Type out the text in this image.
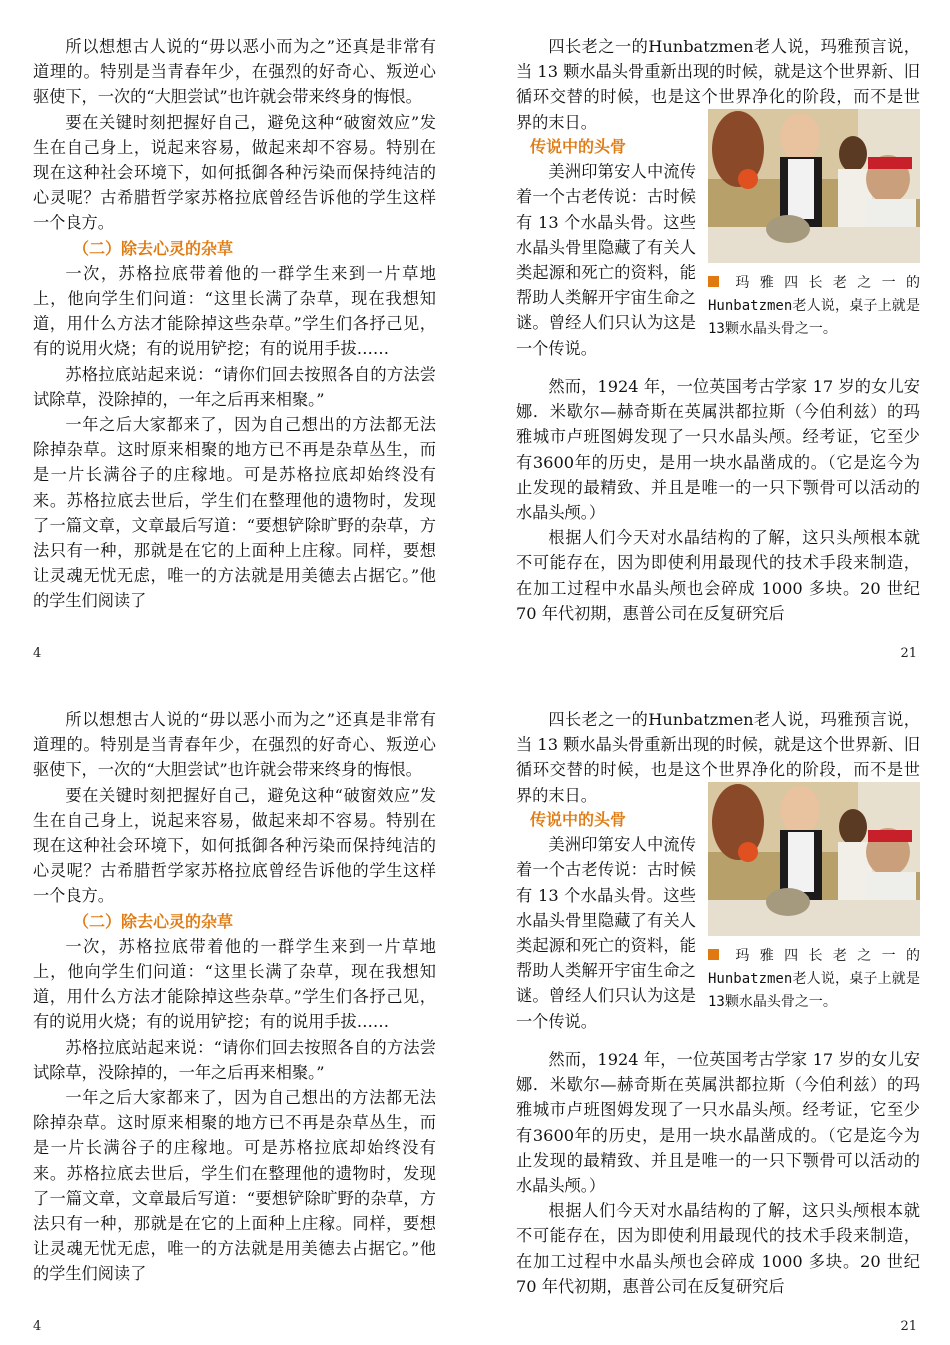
所以想想古人说的“毋以恶小而为之”还真是非常有道理的。特别是当青春年少，在强烈的好奇心、叛逆心驱使下，一次的“大胆尝试”也许就会带来终身的悔恨。

要在关键时刻把握好自己，避免这种“破窗效应”发生在自己身上，说起来容易，做起来却不容易。特别在现在这种社会环境下，如何抵御各种污染而保持纯洁的心灵呢？古希腊哲学家苏格拉底曾经告诉他的学生这样一个良方。

（二）除去心灵的杂草

一次，苏格拉底带着他的一群学生来到一片草地上，他向学生们问道：“这里长满了杂草，现在我想知道，用什么方法才能除掉这些杂草。”学生们各抒己见，有的说用火烧；有的说用铲挖；有的说用手拔……

苏格拉底站起来说：“请你们回去按照各自的方法尝试除草，没除掉的，一年之后再来相聚。”

一年之后大家都来了，因为自己想出的方法都无法除掉杂草。这时原来相聚的地方已不再是杂草丛生，而是一片长满谷子的庄稼地。可是苏格拉底却始终没有来。苏格拉底去世后，学生们在整理他的遗物时，发现了一篇文章，文章最后写道：“要想铲除旷野的杂草，方法只有一种，那就是在它的上面种上庄稼。同样，要想让灵魂无忧无虑，唯一的方法就是用美德去占据它。”他的学生们阅读了

4

四长老之一的Hunbatzmen老人说，玛雅预言说，当 13 颗水晶头骨重新出现的时候，就是这个世界新、旧循环交替的时候，也是这个世界净化的阶段，而不是世界的末日。

传说中的头骨

美洲印第安人中流传着一个古老传说：古时候有 13 个水晶头骨。这些水晶头骨里隐藏了有关人类起源和死亡的资料，能帮助人类解开宇宙生命之谜。曾经人们只认为这是一个传说。

玛雅四长老之一的Hunbatzmen老人说，桌子上就是13颗水晶头骨之一。

然而，1924 年，一位英国考古学家 17 岁的女儿安娜．米歇尔—赫奇斯在英属洪都拉斯（今伯利兹）的玛雅城市卢班图姆发现了一只水晶头颅。经考证，它至少有3600年的历史，是用一块水晶凿成的。（它是迄今为止发现的最精致、并且是唯一的一只下颚骨可以活动的水晶头颅。）

根据人们今天对水晶结构的了解，这只头颅根本就不可能存在，因为即使利用最现代的技术手段来制造，在加工过程中水晶头颅也会碎成 1000 多块。20 世纪 70 年代初期，惠普公司在反复研究后

21

所以想想古人说的“毋以恶小而为之”还真是非常有道理的。特别是当青春年少，在强烈的好奇心、叛逆心驱使下，一次的“大胆尝试”也许就会带来终身的悔恨。

要在关键时刻把握好自己，避免这种“破窗效应”发生在自己身上，说起来容易，做起来却不容易。特别在现在这种社会环境下，如何抵御各种污染而保持纯洁的心灵呢？古希腊哲学家苏格拉底曾经告诉他的学生这样一个良方。

（二）除去心灵的杂草

一次，苏格拉底带着他的一群学生来到一片草地上，他向学生们问道：“这里长满了杂草，现在我想知道，用什么方法才能除掉这些杂草。”学生们各抒己见，有的说用火烧；有的说用铲挖；有的说用手拔……

苏格拉底站起来说：“请你们回去按照各自的方法尝试除草，没除掉的，一年之后再来相聚。”

一年之后大家都来了，因为自己想出的方法都无法除掉杂草。这时原来相聚的地方已不再是杂草丛生，而是一片长满谷子的庄稼地。可是苏格拉底却始终没有来。苏格拉底去世后，学生们在整理他的遗物时，发现了一篇文章，文章最后写道：“要想铲除旷野的杂草，方法只有一种，那就是在它的上面种上庄稼。同样，要想让灵魂无忧无虑，唯一的方法就是用美德去占据它。”他的学生们阅读了

4

四长老之一的Hunbatzmen老人说，玛雅预言说，当 13 颗水晶头骨重新出现的时候，就是这个世界新、旧循环交替的时候，也是这个世界净化的阶段，而不是世界的末日。

传说中的头骨

美洲印第安人中流传着一个古老传说：古时候有 13 个水晶头骨。这些水晶头骨里隐藏了有关人类起源和死亡的资料，能帮助人类解开宇宙生命之谜。曾经人们只认为这是一个传说。

玛雅四长老之一的Hunbatzmen老人说，桌子上就是13颗水晶头骨之一。

然而，1924 年，一位英国考古学家 17 岁的女儿安娜．米歇尔—赫奇斯在英属洪都拉斯（今伯利兹）的玛雅城市卢班图姆发现了一只水晶头颅。经考证，它至少有3600年的历史，是用一块水晶凿成的。（它是迄今为止发现的最精致、并且是唯一的一只下颚骨可以活动的水晶头颅。）

根据人们今天对水晶结构的了解，这只头颅根本就不可能存在，因为即使利用最现代的技术手段来制造，在加工过程中水晶头颅也会碎成 1000 多块。20 世纪 70 年代初期，惠普公司在反复研究后

21
